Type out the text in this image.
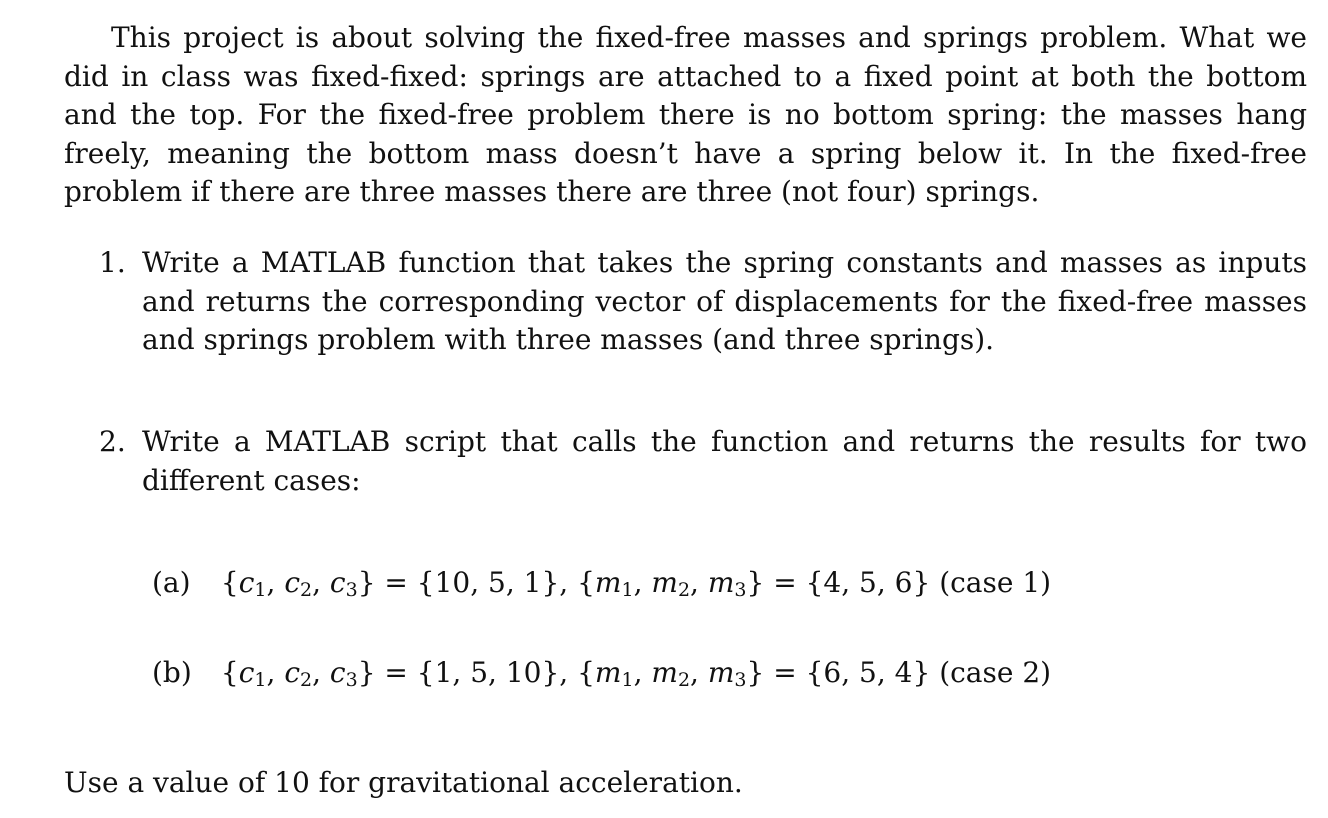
This project is about solving the fixed-free masses and springs problem. What we did in class was fixed-fixed: springs are attached to a fixed point at both the bottom and the top. For the fixed-free problem there is no bottom spring: the masses hang freely, meaning the bottom mass doesn’t have a spring below it. In the fixed-free problem if there are three masses there are three (not four) springs.

1. Write a MATLAB function that takes the spring constants and masses as inputs and returns the corresponding vector of displacements for the fixed-free masses and springs problem with three masses (and three springs).
2. Write a MATLAB script that calls the function and returns the results for two different cases:
(a) {$c_1$, $c_2$, $c_3\} = \{10$, 5, 1}, {$m_1$, $m_2$, $m_3\} = \{4$, 5, 6} (case 1)
(b) {$c_1$, $c_2$, $c_3\} = \{1$, 5, 10}, {$m_1$, $m_2$, $m_3\} = \{6$, 5, 4} (case 2)

Use a value of 10 for gravitational acceleration.
